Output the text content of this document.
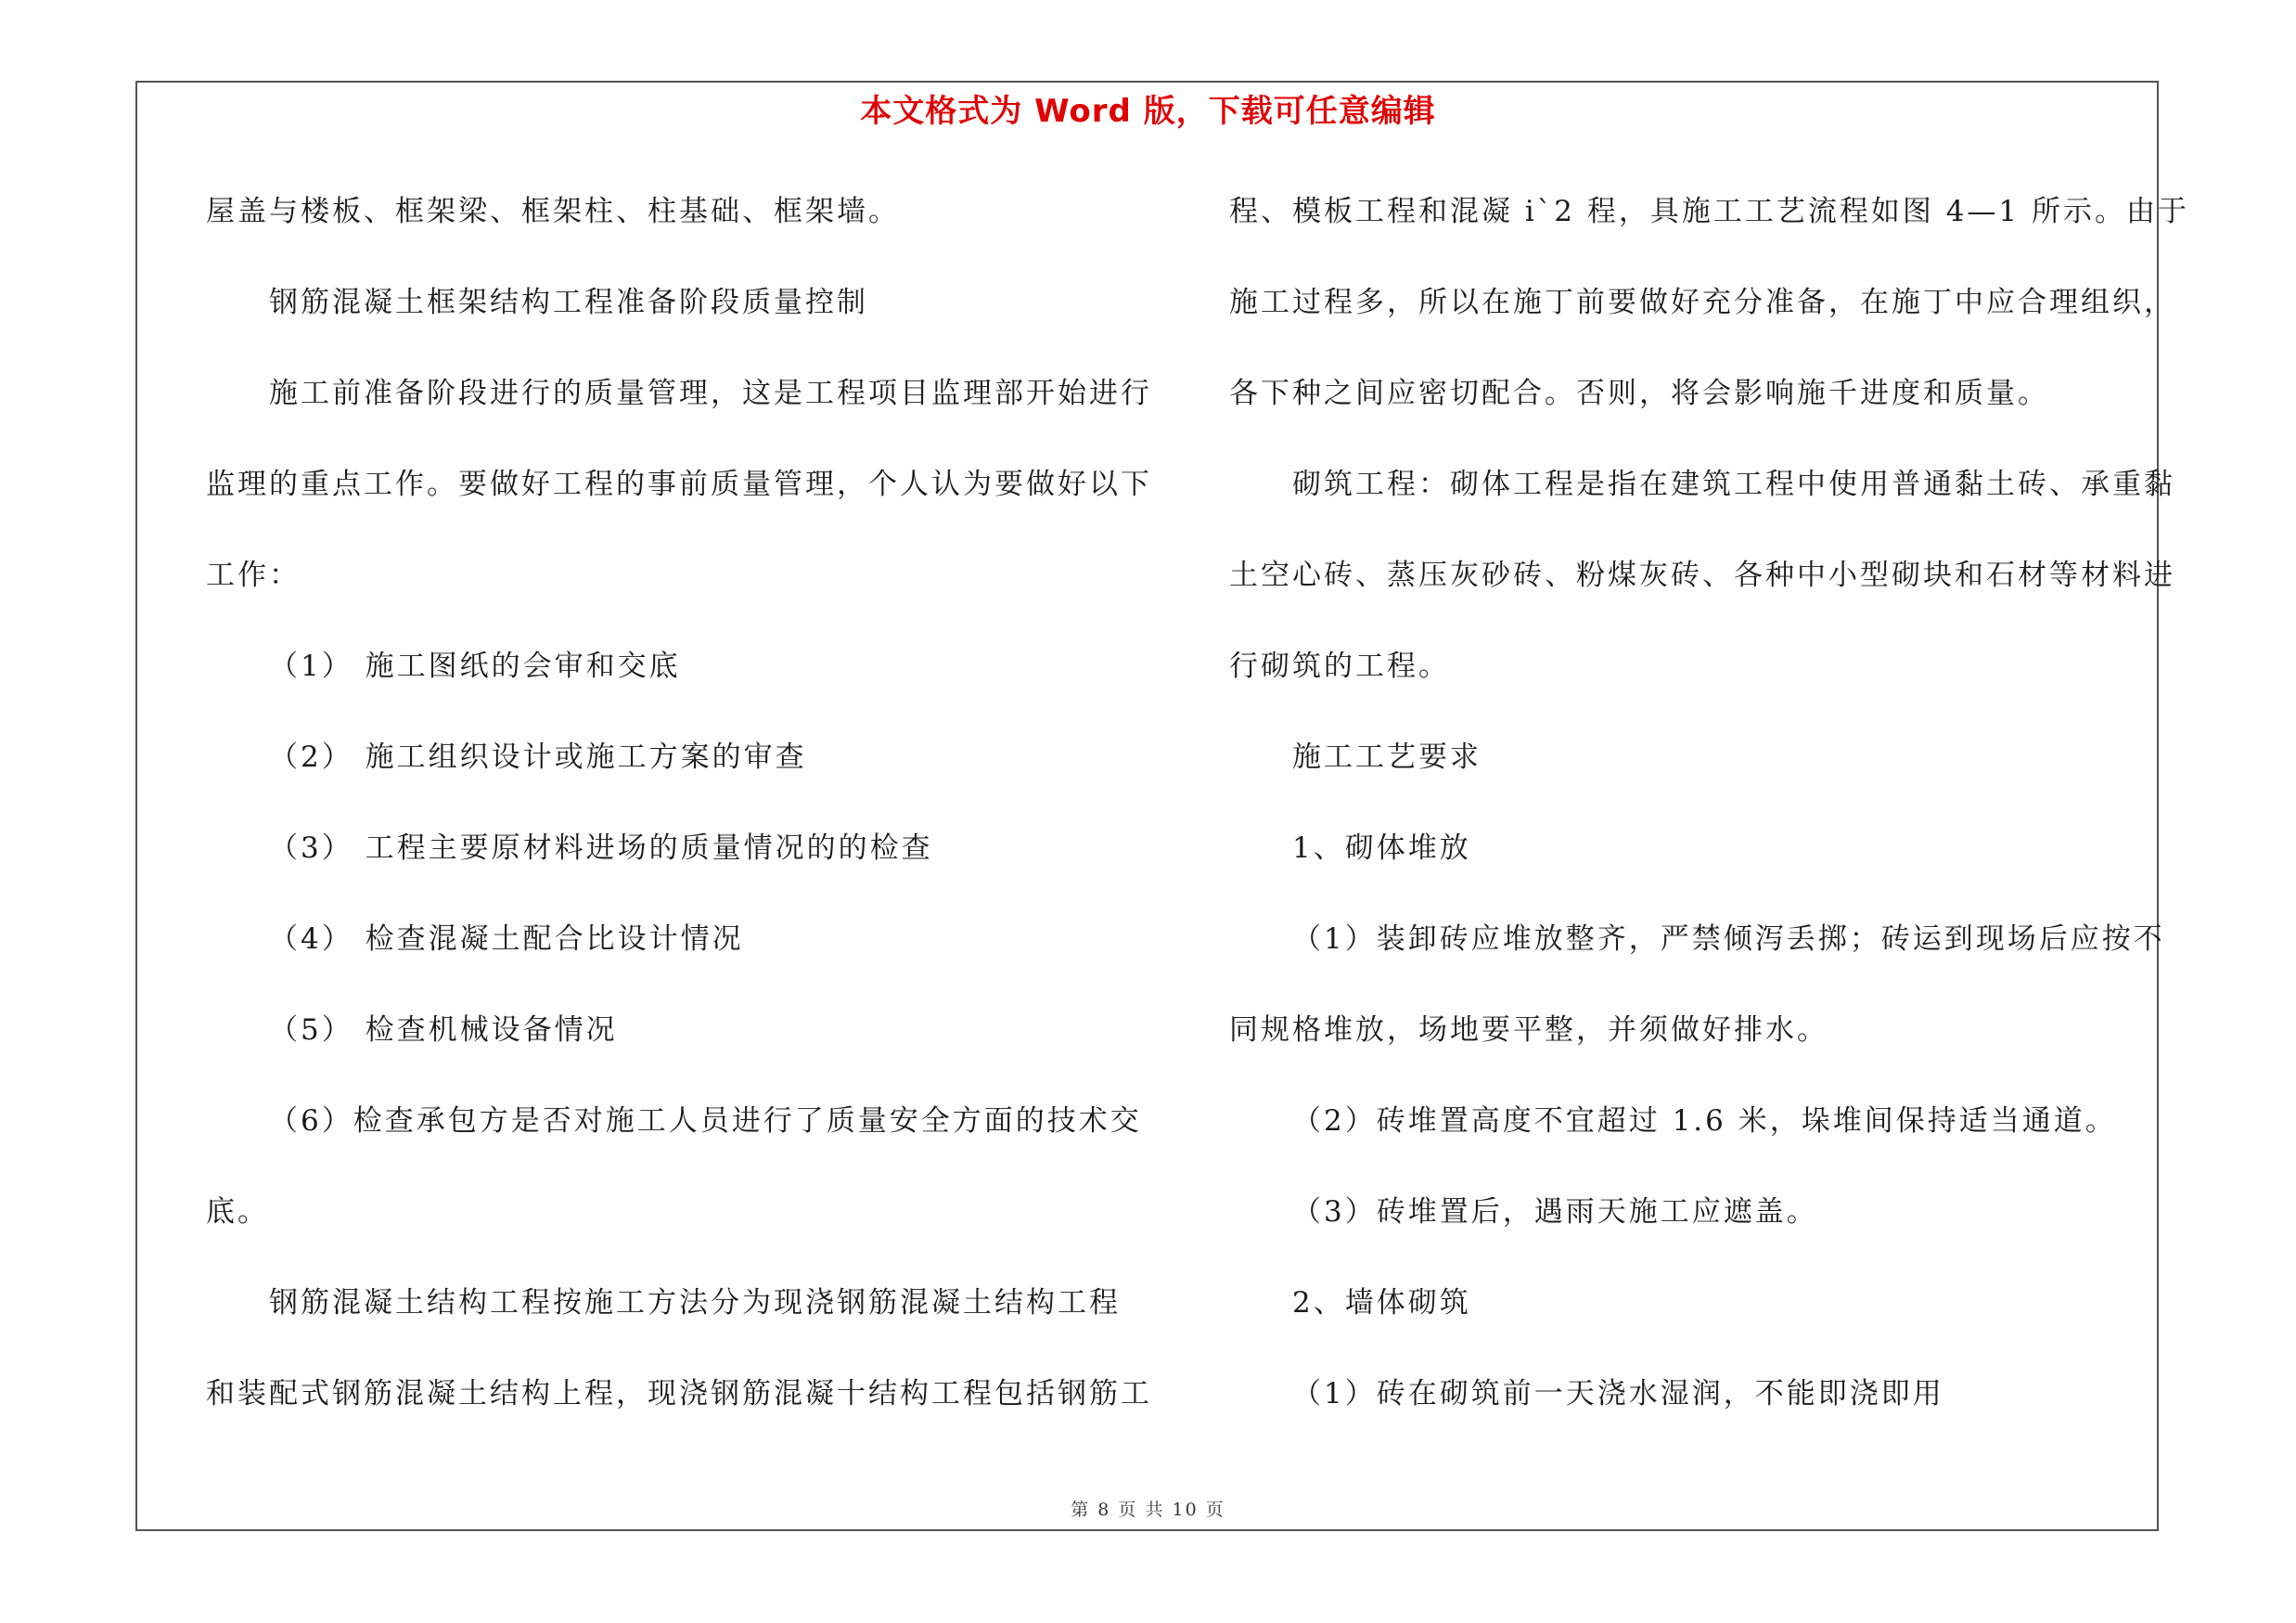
本文格式为 Word 版，下载可任意编辑

屋盖与楼板、框架梁、框架柱、柱基础、框架墙。

钢筋混凝土框架结构工程准备阶段质量控制

施工前准备阶段进行的质量管理，这是工程项目监理部开始进行

监理的重点工作。要做好工程的事前质量管理，个人认为要做好以下

工作：

（1） 施工图纸的会审和交底

（2） 施工组织设计或施工方案的审查

（3） 工程主要原材料进场的质量情况的的检查

（4） 检查混凝土配合比设计情况

（5） 检查机械设备情况

（6）检查承包方是否对施工人员进行了质量安全方面的技术交

底。

钢筋混凝土结构工程按施工方法分为现浇钢筋混凝土结构工程

和装配式钢筋混凝土结构上程，现浇钢筋混凝十结构工程包括钢筋工

程、模板工程和混凝 i`2 程，具施工工艺流程如图 4—1 所示。由于

施工过程多，所以在施丁前要做好充分准备，在施丁中应合理组织，

各下种之间应密切配合。否则，将会影响施千进度和质量。

砌筑工程：砌体工程是指在建筑工程中使用普通黏土砖、承重黏

土空心砖、蒸压灰砂砖、粉煤灰砖、各种中小型砌块和石材等材料进

行砌筑的工程。

施工工艺要求

1、砌体堆放

（1）装卸砖应堆放整齐，严禁倾泻丢掷；砖运到现场后应按不

同规格堆放，场地要平整，并须做好排水。

（2）砖堆置高度不宜超过 1.6 米，垛堆间保持适当通道。

（3）砖堆置后，遇雨天施工应遮盖。

2、墙体砌筑

（1）砖在砌筑前一天浇水湿润，不能即浇即用

第 8 页 共 10 页
